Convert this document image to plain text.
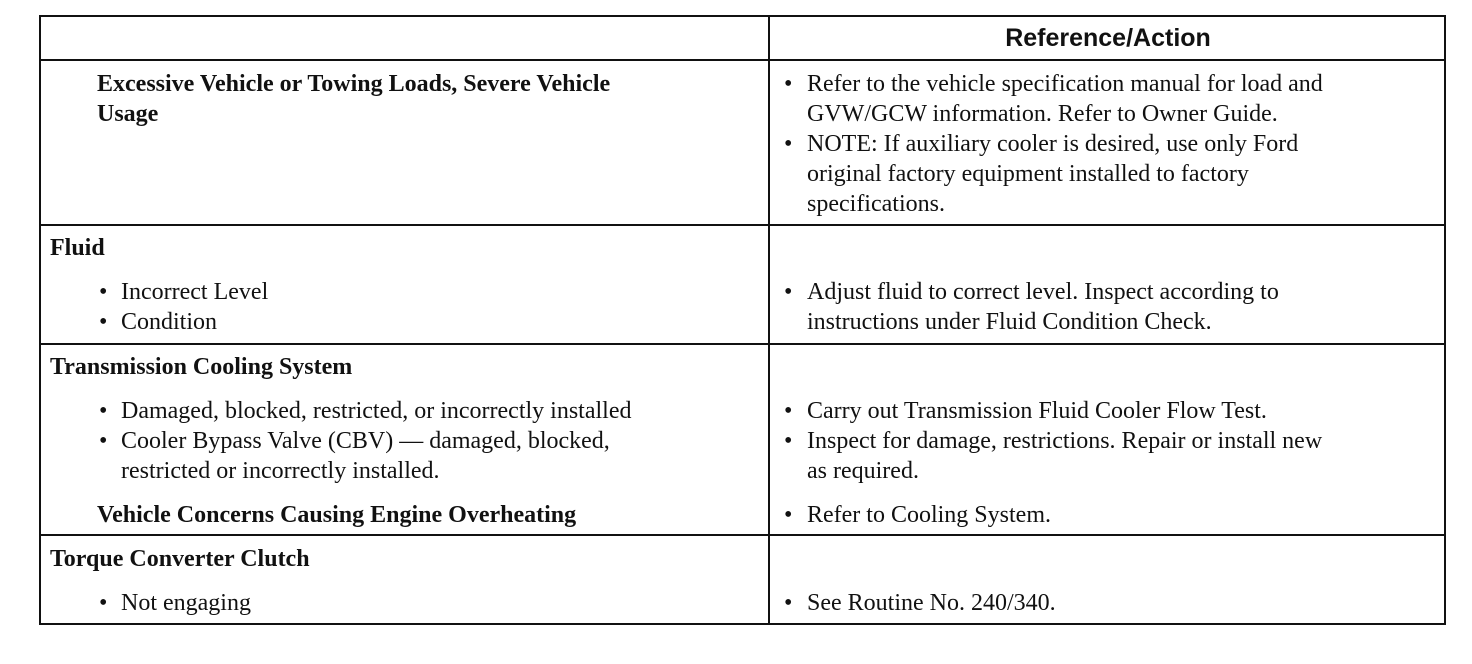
Reference/Action
Excessive Vehicle or Towing Loads, Severe Vehicle
Usage
• Refer to the vehicle specification manual for load and
GVW/GCW information. Refer to Owner Guide.
• NOTE: If auxiliary cooler is desired, use only Ford
original factory equipment installed to factory
specifications.
Fluid
• Incorrect Level
• Condition
• Adjust fluid to correct level. Inspect according to
instructions under Fluid Condition Check.
Transmission Cooling System
• Damaged, blocked, restricted, or incorrectly installed
• Cooler Bypass Valve (CBV) — damaged, blocked,
restricted or incorrectly installed.
• Carry out Transmission Fluid Cooler Flow Test.
• Inspect for damage, restrictions. Repair or install new
as required.
Vehicle Concerns Causing Engine Overheating	• Refer to Cooling System.
Torque Converter Clutch
• Not engaging	• See Routine No. 240/340.
